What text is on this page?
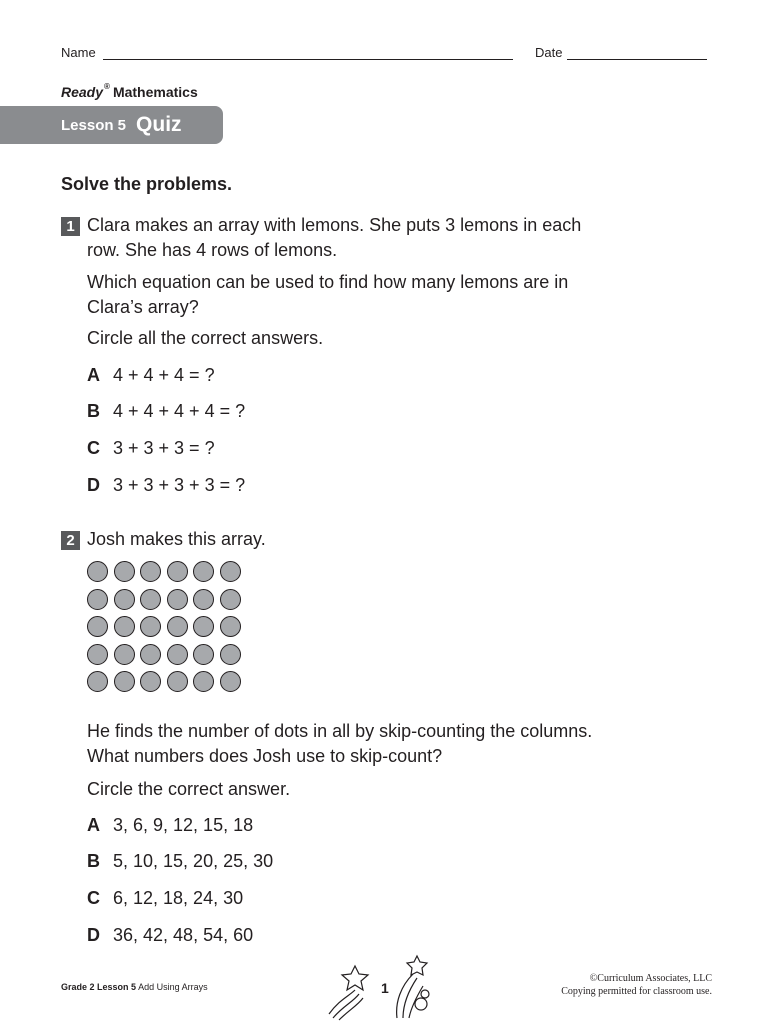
Name	Date
Ready® Mathematics
Lesson 5 Quiz
Solve the problems.
1 Clara makes an array with lemons. She puts 3 lemons in each
row. She has 4 rows of lemons.
Which equation can be used to find how many lemons are in
Clara’s array?
Circle all the correct answers.
A 4 + 4 + 4 = ?
B 4 + 4 + 4 + 4 = ?
C 3 + 3 + 3 = ?
D 3 + 3 + 3 + 3 = ?
2 Josh makes this array.
He finds the number of dots in all by skip-counting the columns.
What numbers does Josh use to skip-count?
Circle the correct answer.
A 3, 6, 9, 12, 15, 18
B 5, 10, 15, 20, 25, 30
C 6, 12, 18, 24, 30
D 36, 42, 48, 54, 60
Grade 2 Lesson 5 Add Using Arrays	1
©Curriculum Associates, LLC
Copying permitted for classroom use.
